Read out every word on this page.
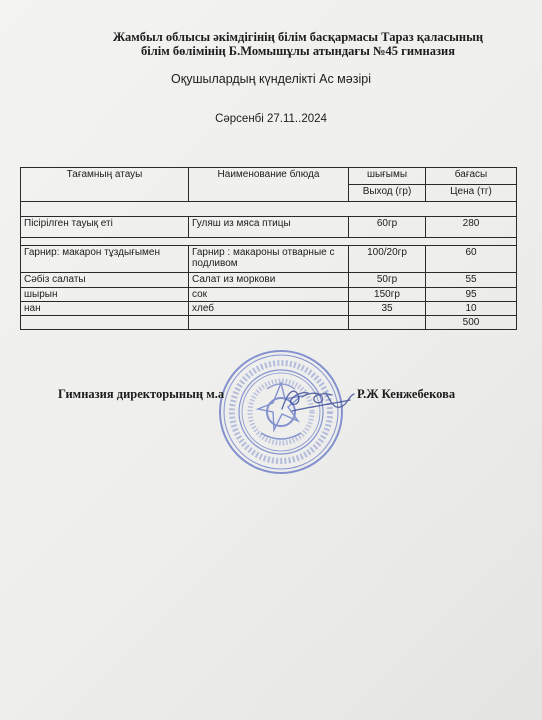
Жамбыл облысы әкімдігінің білім басқармасы Тараз қаласының
білім бөлімінің Б.Момышұлы атындағы №45 гимназия
Оқушылардың күнделікті Ас мәзірі
Сәрсенбі 27.11..2024
Тағамның атауы	Наименование блюда	шығымы	бағасы
		Выход (гр)	Цена (тг)

Пісірілген тауық еті	Гуляш из мяса птицы	60гр	280

Гарнир: макарон тұздығымен	Гарнир : макароны отварные с подливом	100/20гр	60
Сәбіз салаты	Салат из моркови	50гр	55
шырын	сок	150гр	95
нан	хлеб	35	10
			500
Гимназия директорының м.а	Р.Ж Кенжебекова
